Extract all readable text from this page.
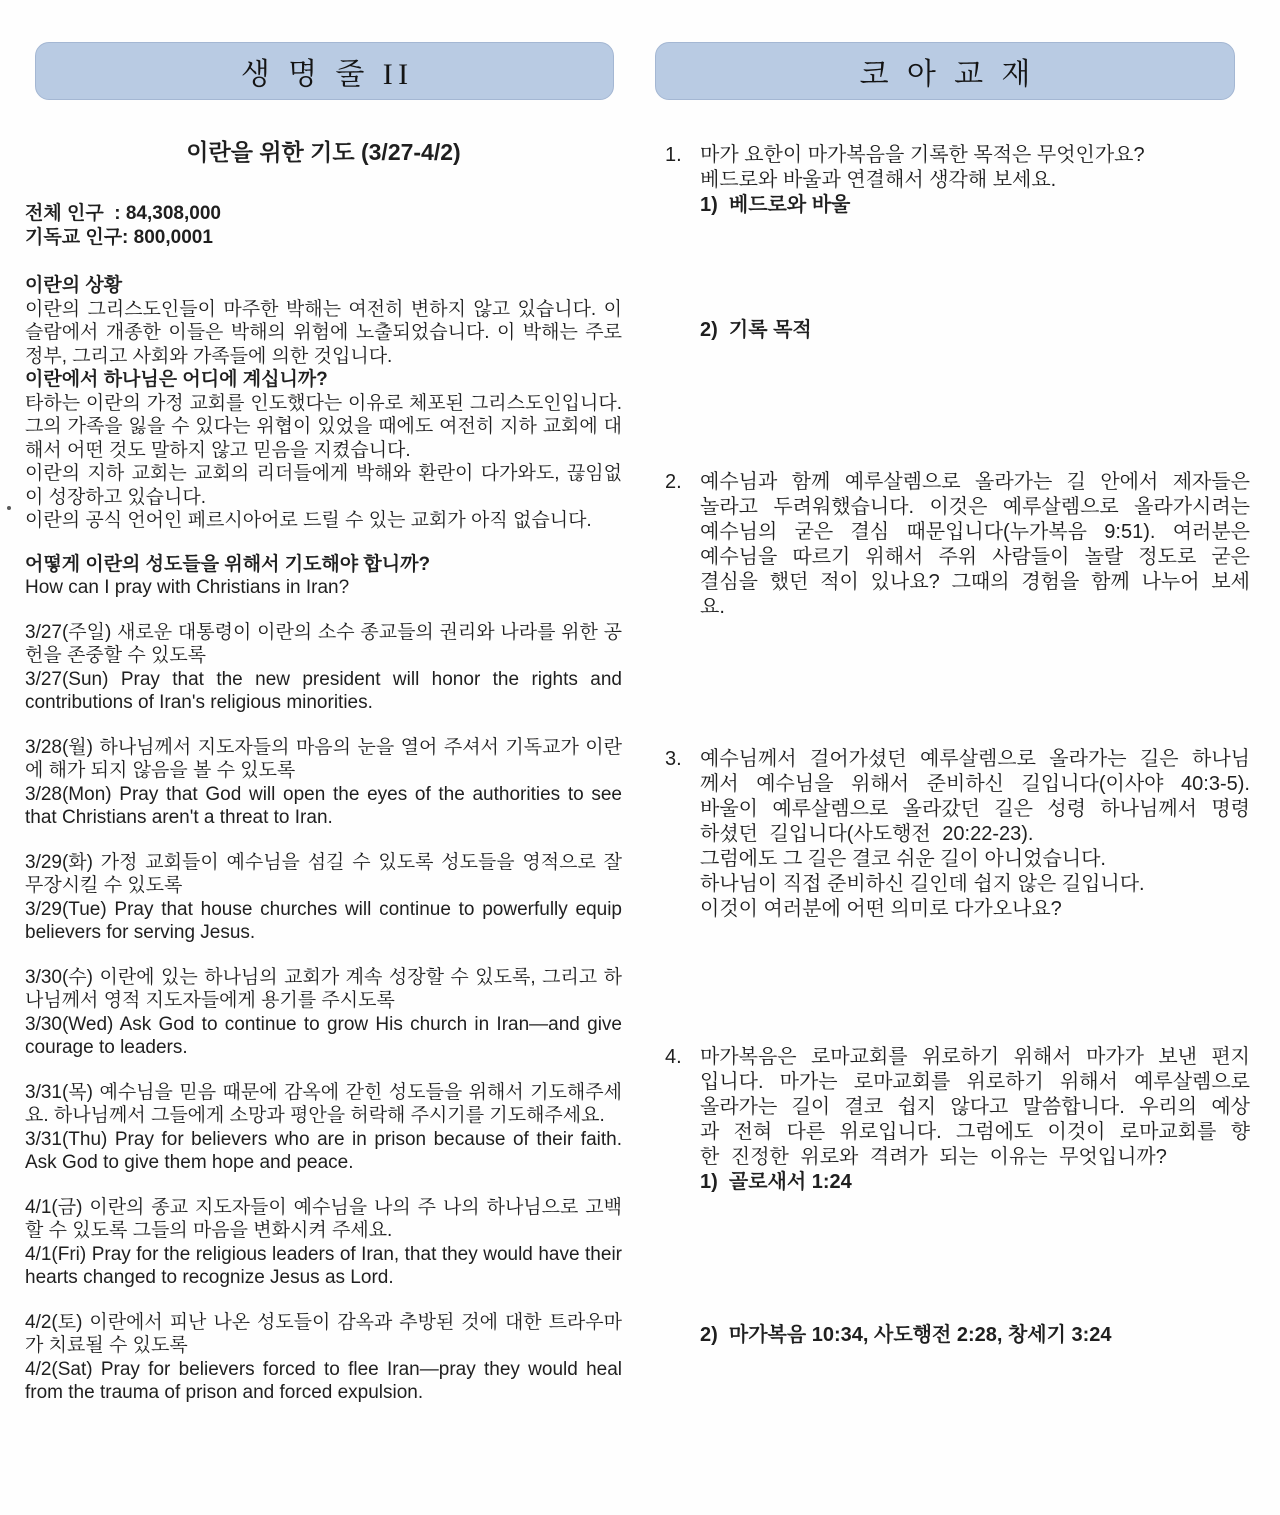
생 명 줄 II
이란을 위한 기도 (3/27-4/2)
전체 인구  : 84,308,000
기독교 인구: 800,0001
이란의 상황
이란의 그리스도인들이 마주한 박해는 여전히 변하지 않고 있습니다. 이슬람에서 개종한 이들은 박해의 위험에 노출되었습니다. 이 박해는 주로 정부, 그리고 사회와 가족들에 의한 것입니다.
이란에서 하나님은 어디에 계십니까?
타하는 이란의 가정 교회를 인도했다는 이유로 체포된 그리스도인입니다. 그의 가족을 잃을 수 있다는 위협이 있었을 때에도 여전히 지하 교회에 대해서 어떤 것도 말하지 않고 믿음을 지켰습니다.
이란의 지하 교회는 교회의 리더들에게 박해와 환란이 다가와도, 끊임없이 성장하고 있습니다.
이란의 공식 언어인 페르시아어로 드릴 수 있는 교회가 아직 없습니다.
어떻게 이란의 성도들을 위해서 기도해야 합니까?
How can I pray with Christians in Iran?
3/27(주일) 새로운 대통령이 이란의 소수 종교들의 권리와 나라를 위한 공헌을 존중할 수 있도록
3/27(Sun) Pray that the new president will honor the rights and contributions of Iran's religious minorities.
3/28(월) 하나님께서 지도자들의 마음의 눈을 열어 주셔서 기독교가 이란에 해가 되지 않음을 볼 수 있도록
3/28(Mon) Pray that God will open the eyes of the authorities to see that Christians aren't a threat to Iran.
3/29(화) 가정 교회들이 예수님을 섬길 수 있도록 성도들을 영적으로 잘 무장시킬 수 있도록
3/29(Tue) Pray that house churches will continue to powerfully equip believers for serving Jesus.
3/30(수) 이란에 있는 하나님의 교회가 계속 성장할 수 있도록, 그리고 하나님께서 영적 지도자들에게 용기를 주시도록
3/30(Wed) Ask God to continue to grow His church in Iran—and give courage to leaders.
3/31(목) 예수님을 믿음 때문에 감옥에 갇힌 성도들을 위해서 기도해주세요. 하나님께서 그들에게 소망과 평안을 허락해 주시기를 기도해주세요.
3/31(Thu) Pray for believers who are in prison because of their faith. Ask God to give them hope and peace.
4/1(금) 이란의 종교 지도자들이 예수님을 나의 주 나의 하나님으로 고백할 수 있도록 그들의 마음을 변화시켜 주세요.
4/1(Fri) Pray for the religious leaders of Iran, that they would have their hearts changed to recognize Jesus as Lord.
4/2(토) 이란에서 피난 나온 성도들이 감옥과 추방된 것에 대한 트라우마가 치료될 수 있도록
4/2(Sat) Pray for believers forced to flee Iran—pray they would heal from the trauma of prison and forced expulsion.
코 아 교 재
1. 마가 요한이 마가복음을 기록한 목적은 무엇인가요?
베드로와 바울과 연결해서 생각해 보세요.
1)  베드로와 바울
2)  기록 목적
2. 예수님과 함께 예루살렘으로 올라가는 길 안에서 제자들은 놀라고 두려워했습니다. 이것은 예루살렘으로 올라가시려는 예수님의 굳은 결심 때문입니다(누가복음 9:51). 여러분은 예수님을 따르기 위해서 주위 사람들이 놀랄 정도로 굳은 결심을 했던 적이 있나요? 그때의 경험을 함께 나누어 보세요.
3. 예수님께서 걸어가셨던 예루살렘으로 올라가는 길은 하나님께서 예수님을 위해서 준비하신 길입니다(이사야 40:3-5). 바울이 예루살렘으로 올라갔던 길은 성령 하나님께서 명령하셨던 길입니다(사도행전 20:22-23).
그럼에도 그 길은 결코 쉬운 길이 아니었습니다.
하나님이 직접 준비하신 길인데 쉽지 않은 길입니다.
이것이 여러분에 어떤 의미로 다가오나요?
4. 마가복음은 로마교회를 위로하기 위해서 마가가 보낸 편지입니다. 마가는 로마교회를 위로하기 위해서 예루살렘으로 올라가는 길이 결코 쉽지 않다고 말씀합니다. 우리의 예상과 전혀 다른 위로입니다. 그럼에도 이것이 로마교회를 향한 진정한 위로와 격려가 되는 이유는 무엇입니까?
1)  골로새서 1:24
2)  마가복음 10:34, 사도행전 2:28, 창세기 3:24
